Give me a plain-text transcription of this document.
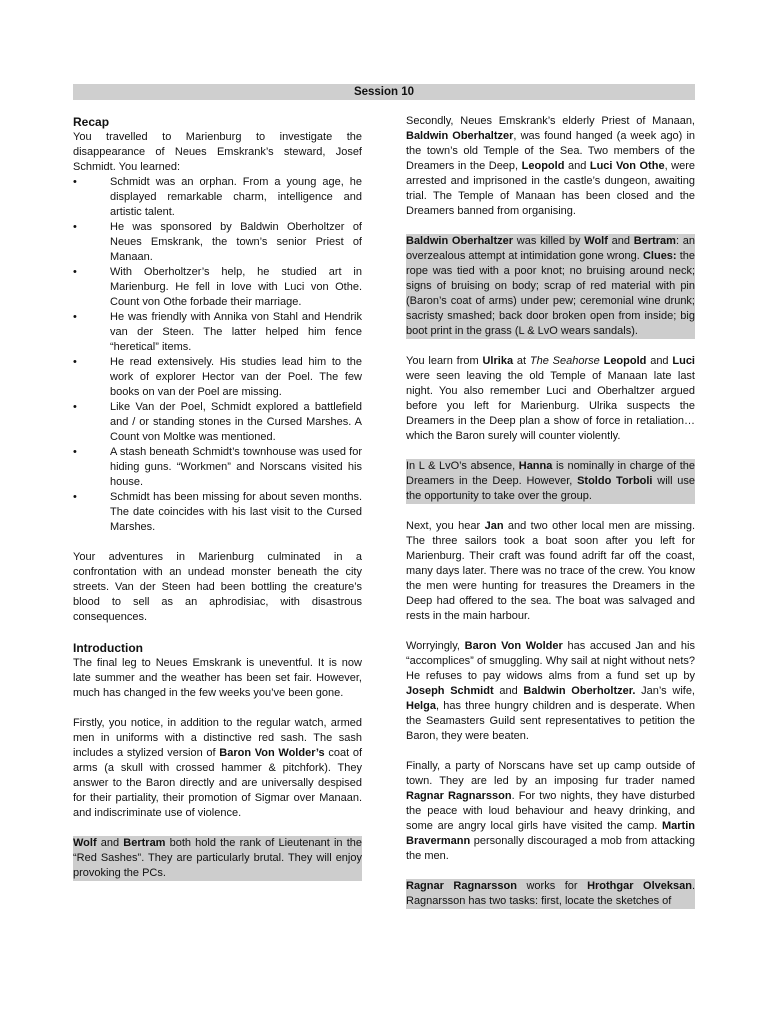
Session 10
Recap

You travelled to Marienburg to investigate the disappearance of Neues Emskrank’s steward, Josef Schmidt. You learned:

• Schmidt was an orphan. From a young age, he displayed remarkable charm, intelligence and artistic talent.
• He was sponsored by Baldwin Oberholtzer of Neues Emskrank, the town’s senior Priest of Manaan.
• With Oberholtzer’s help, he studied art in Marienburg. He fell in love with Luci von Othe. Count von Othe forbade their marriage.
• He was friendly with Annika von Stahl and Hendrik van der Steen. The latter helped him fence “heretical” items.
• He read extensively. His studies lead him to the work of explorer Hector van der Poel. The few books on van der Poel are missing.
• Like Van der Poel, Schmidt explored a battlefield and / or standing stones in the Cursed Marshes. A Count von Moltke was mentioned.
• A stash beneath Schmidt’s townhouse was used for hiding guns. “Workmen” and Norscans visited his house.
• Schmidt has been missing for about seven months. The date coincides with his last visit to the Cursed Marshes.

Your adventures in Marienburg culminated in a confrontation with an undead monster beneath the city streets. Van der Steen had been bottling the creature’s blood to sell as an aphrodisiac, with disastrous consequences.

Introduction

The final leg to Neues Emskrank is uneventful. It is now late summer and the weather has been set fair. However, much has changed in the few weeks you’ve been gone.

Firstly, you notice, in addition to the regular watch, armed men in uniforms with a distinctive red sash. The sash includes a stylized version of Baron Von Wolder’s coat of arms (a skull with crossed hammer & pitchfork). They answer to the Baron directly and are universally despised for their partiality, their promotion of Sigmar over Manaan. and indiscriminate use of violence.

Wolf and Bertram both hold the rank of Lieutenant in the “Red Sashes”. They are particularly brutal. They will enjoy provoking the PCs.

Secondly, Neues Emskrank’s elderly Priest of Manaan, Baldwin Oberhaltzer, was found hanged (a week ago) in the town’s old Temple of the Sea. Two members of the Dreamers in the Deep, Leopold and Luci Von Othe, were arrested and imprisoned in the castle’s dungeon, awaiting trial. The Temple of Manaan has been closed and the Dreamers banned from organising.

Baldwin Oberhaltzer was killed by Wolf and Bertram: an overzealous attempt at intimidation gone wrong. Clues: the rope was tied with a poor knot; no bruising around neck; signs of bruising on body; scrap of red material with pin (Baron’s coat of arms) under pew; ceremonial wine drunk; sacristy smashed; back door broken open from inside; big boot print in the grass (L & LvO wears sandals).

You learn from Ulrika at The Seahorse Leopold and Luci were seen leaving the old Temple of Manaan late last night. You also remember Luci and Oberhaltzer argued before you left for Marienburg. Ulrika suspects the Dreamers in the Deep plan a show of force in retaliation…which the Baron surely will counter violently.

In L & LvO’s absence, Hanna is nominally in charge of the Dreamers in the Deep. However, Stoldo Torboli will use the opportunity to take over the group.

Next, you hear Jan and two other local men are missing. The three sailors took a boat soon after you left for Marienburg. Their craft was found adrift far off the coast, many days later. There was no trace of the crew. You know the men were hunting for treasures the Dreamers in the Deep had offered to the sea. The boat was salvaged and rests in the main harbour.

Worryingly, Baron Von Wolder has accused Jan and his “accomplices” of smuggling. Why sail at night without nets? He refuses to pay widows alms from a fund set up by Joseph Schmidt and Baldwin Oberholtzer. Jan’s wife, Helga, has three hungry children and is desperate. When the Seamasters Guild sent representatives to petition the Baron, they were beaten.

Finally, a party of Norscans have set up camp outside of town. They are led by an imposing fur trader named Ragnar Ragnarsson. For two nights, they have disturbed the peace with loud behaviour and heavy drinking, and some are angry local girls have visited the camp. Martin Bravermann personally discouraged a mob from attacking the men.

Ragnar Ragnarsson works for Hrothgar Olveksan. Ragnarsson has two tasks: first, locate the sketches of
